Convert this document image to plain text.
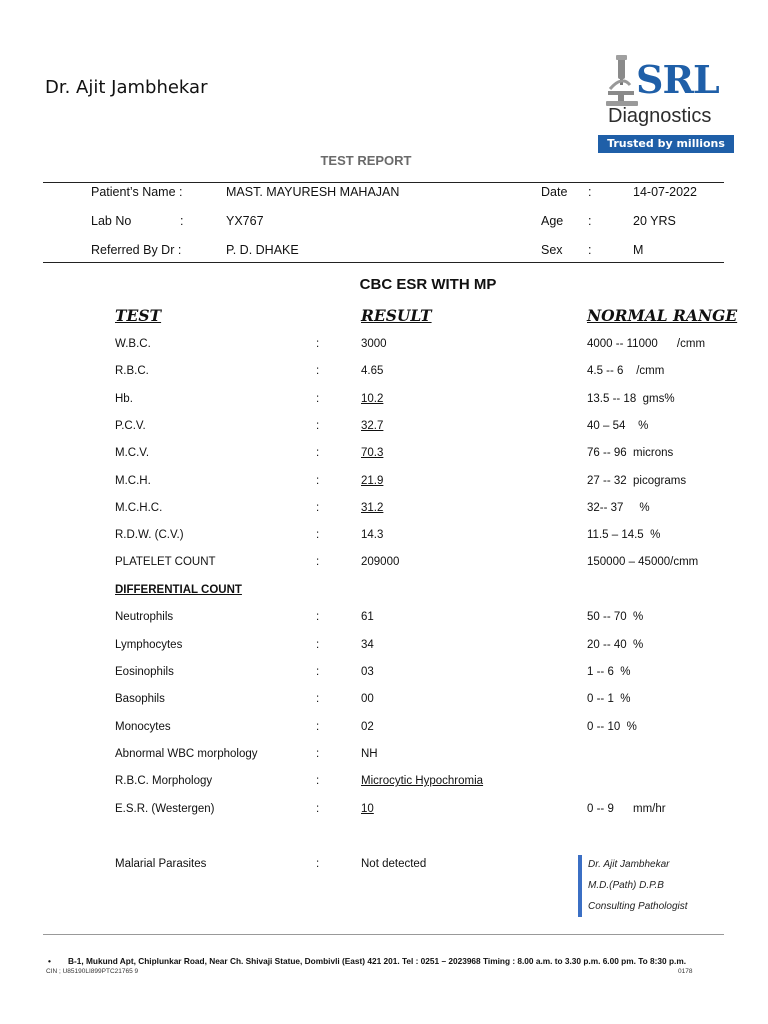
Dr. Ajit Jambhekar	SRL
Diagnostics
Trusted by millions
TEST REPORT
Patient’s Name :	MAST. MAYURESH MAHAJAN	Date :	14-07-2022
Lab No	:	YX767	Age :	20 YRS
Referred By Dr :	P. D. DHAKE	Sex :	M
CBC ESR WITH MP
TEST	RESULT	NORMAL RANGE
W.B.C.	:	3000	4000 -- 11000      /cmm
R.B.C.	:	4.65	4.5 -- 6    /cmm
Hb.	:	10.2	13.5 -- 18  gms%
P.C.V.	:	32.7	40 – 54    %
M.C.V.	:	70.3	76 -- 96  microns
M.C.H.	:	21.9	27 -- 32  picograms
M.C.H.C.	:	31.2	32-- 37     %
R.D.W. (C.V.)	:	14.3	11.5 – 14.5  %
PLATELET COUNT	:	209000	150000 – 45000/cmm
DIFFERENTIAL COUNT
Neutrophils	:	61	50 -- 70  %
Lymphocytes	:	34	20 -- 40  %
Eosinophils	:	03	1 -- 6  %
Basophils	:	00	0 -- 1  %
Monocytes	:	02	0 -- 10  %
Abnormal WBC morphology	:	NH
R.B.C. Morphology	:	Microcytic Hypochromia
E.S.R. (Westergen)	:	10	0 -- 9      mm/hr
Malarial Parasites	:	Not detected	Dr. Ajit Jambhekar
M.D.(Path) D.P.B
Consulting Pathologist
• B-1, Mukund Apt, Chiplunkar Road, Near Ch. Shivaji Statue, Dombivli (East) 421 201. Tel : 0251 – 2023968 Timing : 8.00 a.m. to 3.30 p.m. 6.00 pm. To 8:30 p.m.
CIN ; U85190LI899PTC21765 9	0178
